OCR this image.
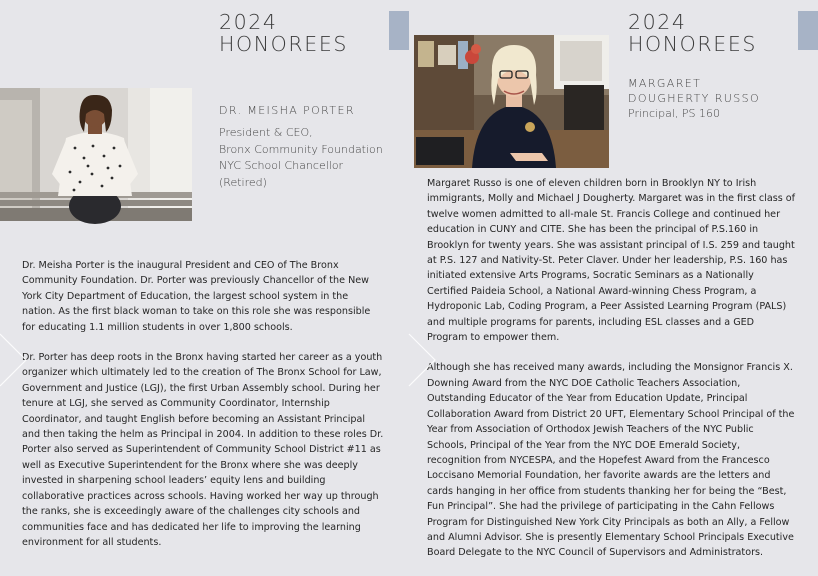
2024
HONOREES
DR. MEISHA PORTER
President & CEO,
Bronx Community Foundation
NYC School Chancellor
(Retired)

Dr. Meisha Porter is the inaugural President and CEO of The Bronx Community Foundation. Dr. Porter was previously Chancellor of the New York City Department of Education, the largest school system in the nation. As the first black woman to take on this role she was responsible for educating 1.1 million students in over 1,800 schools.

Dr. Porter has deep roots in the Bronx having started her career as a youth organizer which ultimately led to the creation of The Bronx School for Law, Government and Justice (LGJ), the first Urban Assembly school. During her tenure at LGJ, she served as Community Coordinator, Internship Coordinator, and taught English before becoming an Assistant Principal and then taking the helm as Principal in 2004. In addition to these roles Dr. Porter also served as Superintendent of Community School District #11 as well as Executive Superintendent for the Bronx where she was deeply invested in sharpening school leaders’ equity lens and building collaborative practices across schools. Having worked her way up through the ranks, she is exceedingly aware of the challenges city schools and communities face and has dedicated her life to improving the learning environment for all students.

2024
HONOREES
MARGARET
DOUGHERTY RUSSO
Principal, PS 160

Margaret Russo is one of eleven children born in Brooklyn NY to Irish immigrants, Molly and Michael J Dougherty. Margaret was in the first class of twelve women admitted to all-male St. Francis College and continued her education in CUNY and CITE. She has been the principal of P.S.160 in Brooklyn for twenty years. She was assistant principal of I.S. 259 and taught at P.S. 127 and Nativity-St. Peter Claver. Under her leadership, P.S. 160 has initiated extensive Arts Programs, Socratic Seminars as a Nationally Certified Paideia School, a National Award-winning Chess Program, a Hydroponic Lab, Coding Program, a Peer Assisted Learning Program (PALS) and multiple programs for parents, including ESL classes and a GED Program to empower them.

Although she has received many awards, including the Monsignor Francis X. Downing Award from the NYC DOE Catholic Teachers Association, Outstanding Educator of the Year from Education Update, Principal Collaboration Award from District 20 UFT, Elementary School Principal of the Year from Association of Orthodox Jewish Teachers of the NYC Public Schools, Principal of the Year from the NYC DOE Emerald Society, recognition from NYCESPA, and the Hopefest Award from the Francesco Loccisano Memorial Foundation, her favorite awards are the letters and cards hanging in her office from students thanking her for being the “Best, Fun Principal”. She had the privilege of participating in the Cahn Fellows Program for Distinguished New York City Principals as both an Ally, a Fellow and Alumni Advisor. She is presently Elementary School Principals Executive Board Delegate to the NYC Council of Supervisors and Administrators.
